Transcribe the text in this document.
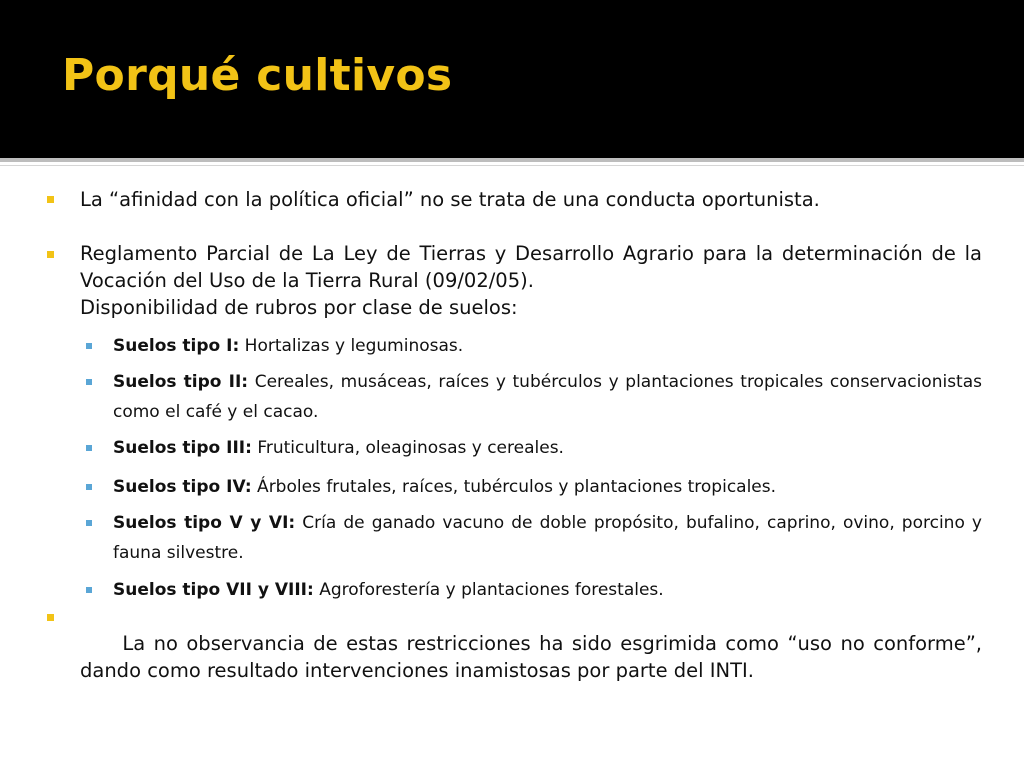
Porqué cultivos
La “afinidad con la política oficial” no se trata de una conducta oportunista.
Reglamento Parcial de La Ley de Tierras y Desarrollo Agrario para la determinación de la Vocación del Uso de la Tierra Rural (09/02/05).
Disponibilidad de rubros por clase de suelos:
Suelos tipo I: Hortalizas y leguminosas.
Suelos tipo II: Cereales, musáceas, raíces y tubérculos y plantaciones tropicales conservacionistas como el café y el cacao.
Suelos tipo III: Fruticultura, oleaginosas y cereales.
Suelos tipo IV: Árboles frutales, raíces, tubérculos y plantaciones tropicales.
Suelos tipo V y VI: Cría de ganado vacuno de doble propósito, bufalino, caprino, ovino, porcino y fauna silvestre.
Suelos tipo VII y VIII: Agroforestería y plantaciones forestales.

La no observancia de estas restricciones ha sido esgrimida como “uso no conforme”, dando como resultado intervenciones inamistosas por parte del INTI.
